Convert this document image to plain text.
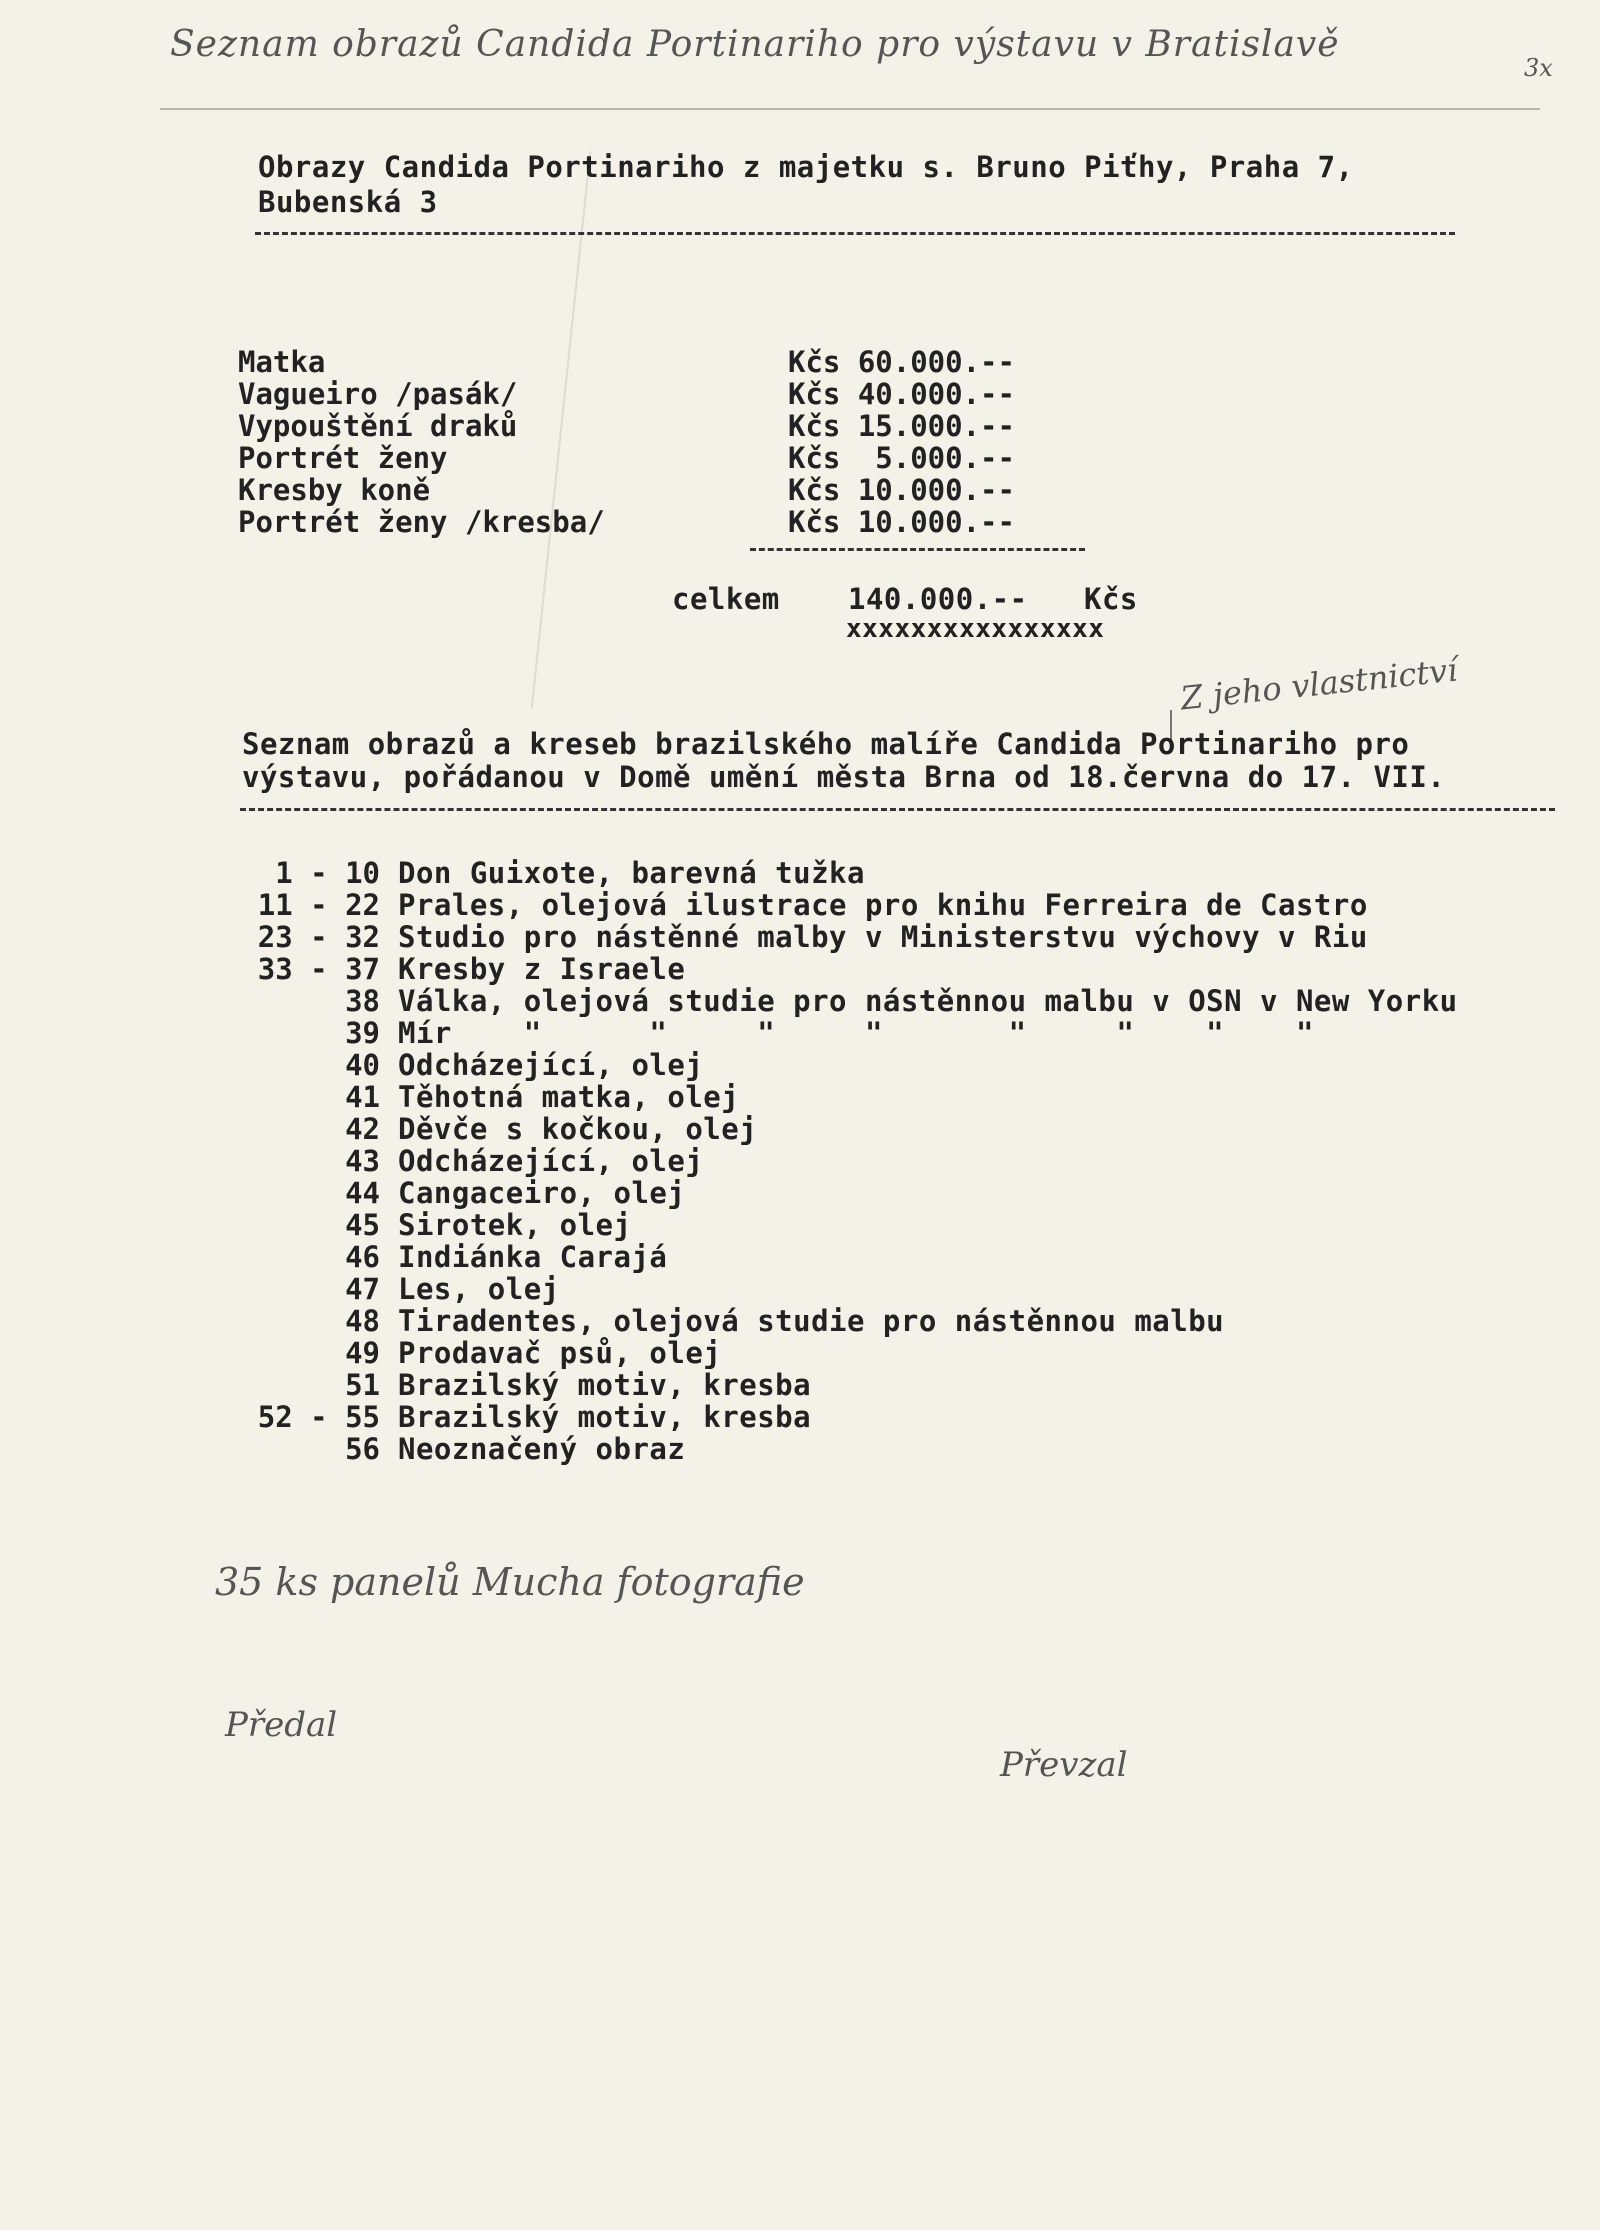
Seznam obrazů Candida Portinariho pro výstavu v Bratislavě
3x
Obrazy Candida Portinariho z majetku s. Bruno Piťhy, Praha 7,
Bubenská 3
Matka	Kčs 60.000.--
Vagueiro /pasák/	Kčs 40.000.--
Vypouštění draků	Kčs 15.000.--
Portrét ženy	Kčs  5.000.--
Kresby koně	Kčs 10.000.--
Portrét ženy /kresba/	Kčs 10.000.--
celkem 140.000.-- Kčs
xxxxxxxxxxxxxxxx
Z jeho vlastnictví
Seznam obrazů a kreseb brazilského malíře Candida Portinariho pro
výstavu, pořádanou v Domě umění města Brna od 18.června do 17. VII.
1 - 10 Don Guixote, barevná tužka
11 - 22 Prales, olejová ilustrace pro knihu Ferreira de Castro
23 - 32 Studio pro nástěnné malby v Ministerstvu výchovy v Riu
33 - 37 Kresby z Israele
38 Válka, olejová studie pro nástěnnou malbu v OSN v New Yorku
39 Mír    "      "     "     "       "     "    "    "
40 Odcházející, olej
41 Těhotná matka, olej
42 Děvče s kočkou, olej
43 Odcházející, olej
44 Cangaceiro, olej
45 Sirotek, olej
46 Indiánka Carajá
47 Les, olej
48 Tiradentes, olejová studie pro nástěnnou malbu
49 Prodavač psů, olej
51 Brazilský motiv, kresba
52 - 55 Brazilský motiv, kresba
56 Neoznačený obraz
35 ks panelů Mucha fotografie
Předal
Převzal
